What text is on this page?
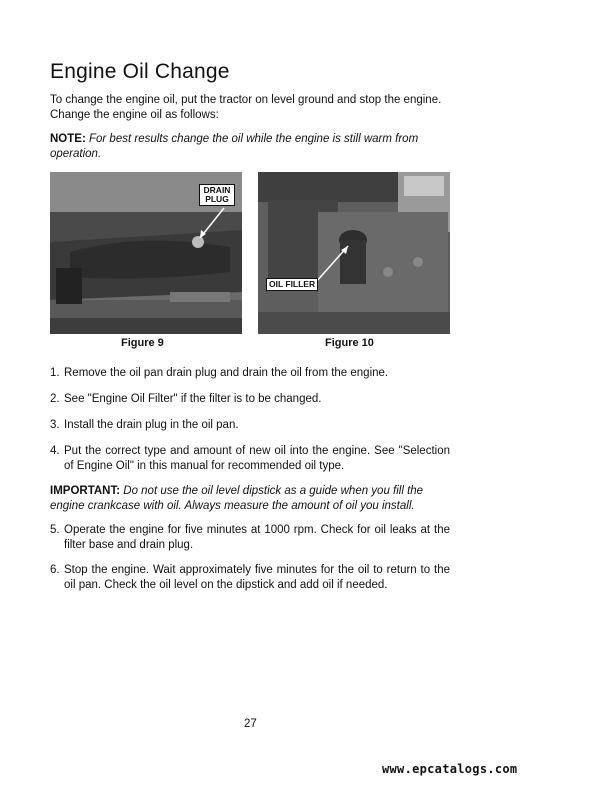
Engine Oil Change

To change the engine oil, put the tractor on level ground and stop the engine. Change the engine oil as follows:

NOTE: For best results change the oil while the engine is still warm from operation.

DRAIN
PLUG
OIL FILLER

Figure 9	Figure 10

1. Remove the oil pan drain plug and drain the oil from the engine.
2. See "Engine Oil Filter" if the filter is to be changed.
3. Install the drain plug in the oil pan.
4. Put the correct type and amount of new oil into the engine. See "Selection of Engine Oil" in this manual for recommended oil type.

IMPORTANT: Do not use the oil level dipstick as a guide when you fill the engine crankcase with oil. Always measure the amount of oil you install.

5. Operate the engine for five minutes at 1000 rpm. Check for oil leaks at the filter base and drain plug.
6. Stop the engine. Wait approximately five minutes for the oil to return to the oil pan. Check the oil level on the dipstick and add oil if needed.

27

www.epcatalogs.com
